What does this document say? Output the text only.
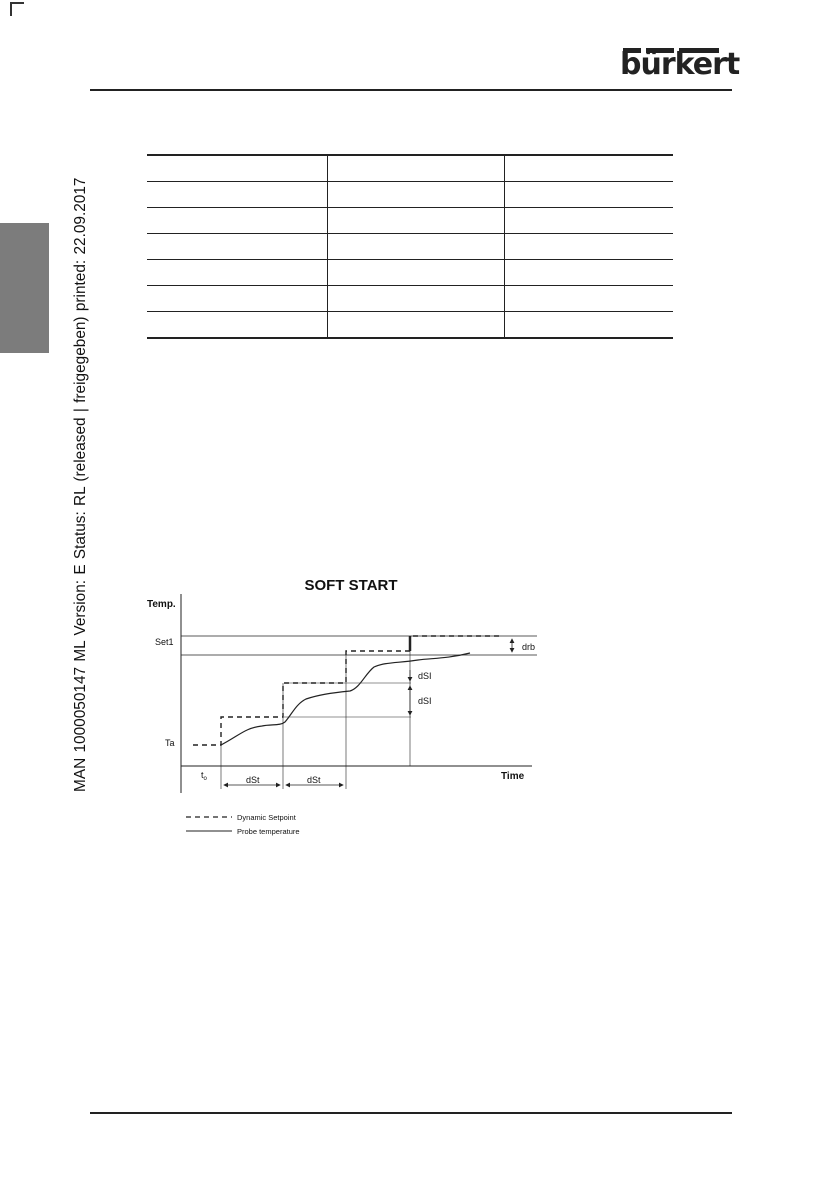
bürkert
MAN 1000050147 ML Version: E Status: RL (released | freigegeben) printed: 22.09.2017

			SOFT START
Temp.
Time
Set1
Ta
dSt	dSt
dSI
dSI
drb
$t_o$
Dynamic Setpoint
Probe temperature
